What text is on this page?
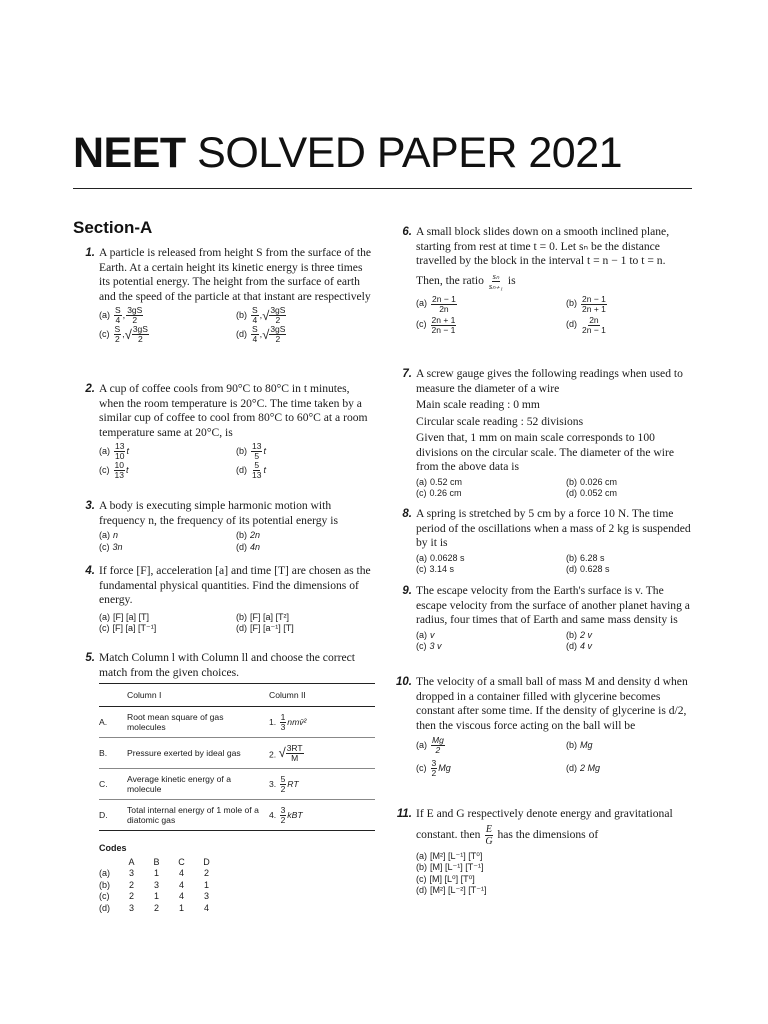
NEET SOLVED PAPER 2021
Section-A
1. A particle is released from height S from the surface of the Earth. At a certain height its kinetic energy is three times its potential energy. The height from the surface of earth and the speed of the particle at that instant are respectively

$(a) \frac{S}{4}$ , $\frac{3gS}{2}$	$(b) \frac{S}{4}$ , √ $\frac{3gS}{2}$
$(c) \frac{S}{2}$ , √ $\frac{3gS}{2}$	$(d) \frac{S}{4}$ , √ $\frac{3gS}{2}$
2. A cup of coffee cools from 90°C to 80°C in t minutes, when the room temperature is 20°C. The time taken by a similar cup of coffee to cool from 80°C to 60°C at a room temperature same at 20°C, is

$(a) \frac{13}{10}$ t	$(b) \frac{13}{5}$ t
$(c) \frac{10}{13}$ t	$(d) \frac{5}{13}$ t
3. A body is executing simple harmonic motion with frequency n, the frequency of its potential energy is

(a) n	(b) 2n
(c) 3n	(d) 4n
4. If force [F], acceleration [a] and time [T] are chosen as the fundamental physical quantities. Find the dimensions of energy.

(a) [F] [a] [T]	(b) [F] [a] [T²]
(c) [F] [a] [T⁻¹]	(d) [F] [a⁻¹] [T]
5. Match Column l with Column ll and choose the correct match from the given choices.

	Column I	Column II
A.	Root mean square of gas molecules	1. $\frac{1}{3}$ nmv̄²
B.	Pressure exerted by ideal gas	2. √ $\frac{3RT}{M}$

C.	Average kinetic energy of a molecule	3. $\frac{5}{2}$ RT
D.	Total internal energy of 1 mole of a diatomic gas	4. $\frac{3}{2}$ kBT
Codes
	A	B	C	D
(a)	3	1	4	2
(b)	2	3	4	1
(c)	2	1	4	3
(d)	3	2	1	4
6. A small block slides down on a smooth inclined plane,

starting from rest at time t = 0. Let sₙ be the distance

travelled by the block in the interval t = n − 1 to t = n.

Then, the ratio $\frac{\text{sₙ}}{\text{sₙ₊₁}}$ is

$(a) \frac{2n - 1}{2n}$	$(b) \frac{2n - 1}{2n + 1}$
$(c) \frac{2n + 1}{2n - 1}$	$(d) \frac{2n}{2n - 1}$
7. A screw gauge gives the following readings when used to measure the diameter of a wire

Main scale reading : 0 mm

Circular scale reading : 52 divisions

Given that, 1 mm on main scale corresponds to 100 divisions on the circular scale. The diameter of the wire from the above data is

(a) 0.52 cm	(b) 0.026 cm
(c) 0.26 cm	(d) 0.052 cm
8. A spring is stretched by 5 cm by a force 10 N. The time period of the oscillations when a mass of 2 kg is suspended by it is

(a) 0.0628 s	(b) 6.28 s
(c) 3.14 s	(d) 0.628 s
9. The escape velocity from the Earth's surface is v. The escape velocity from the surface of another planet having a radius, four times that of Earth and same mass density is

(a) v	(b) 2 v
(c) 3 v	(d) 4 v
10. The velocity of a small ball of mass M and density d when dropped in a container filled with glycerine becomes constant after some time. If the density of glycerine is d/2, then the viscous force acting on the ball will be

$(a) \frac{Mg}{2}$	(b) Mg
$(c) \frac{3}{2}$ Mg	(d) 2 Mg
11. If E and G respectively denote energy and gravitational

constant. then $\frac{E}{G}$ has the dimensions of

(a) [M²] [L⁻¹] [T⁰]
(b) [M] [L⁻¹] [T⁻¹]
(c) [M] [L⁰] [T⁰]
(d) [M²] [L⁻²] [T⁻¹]
